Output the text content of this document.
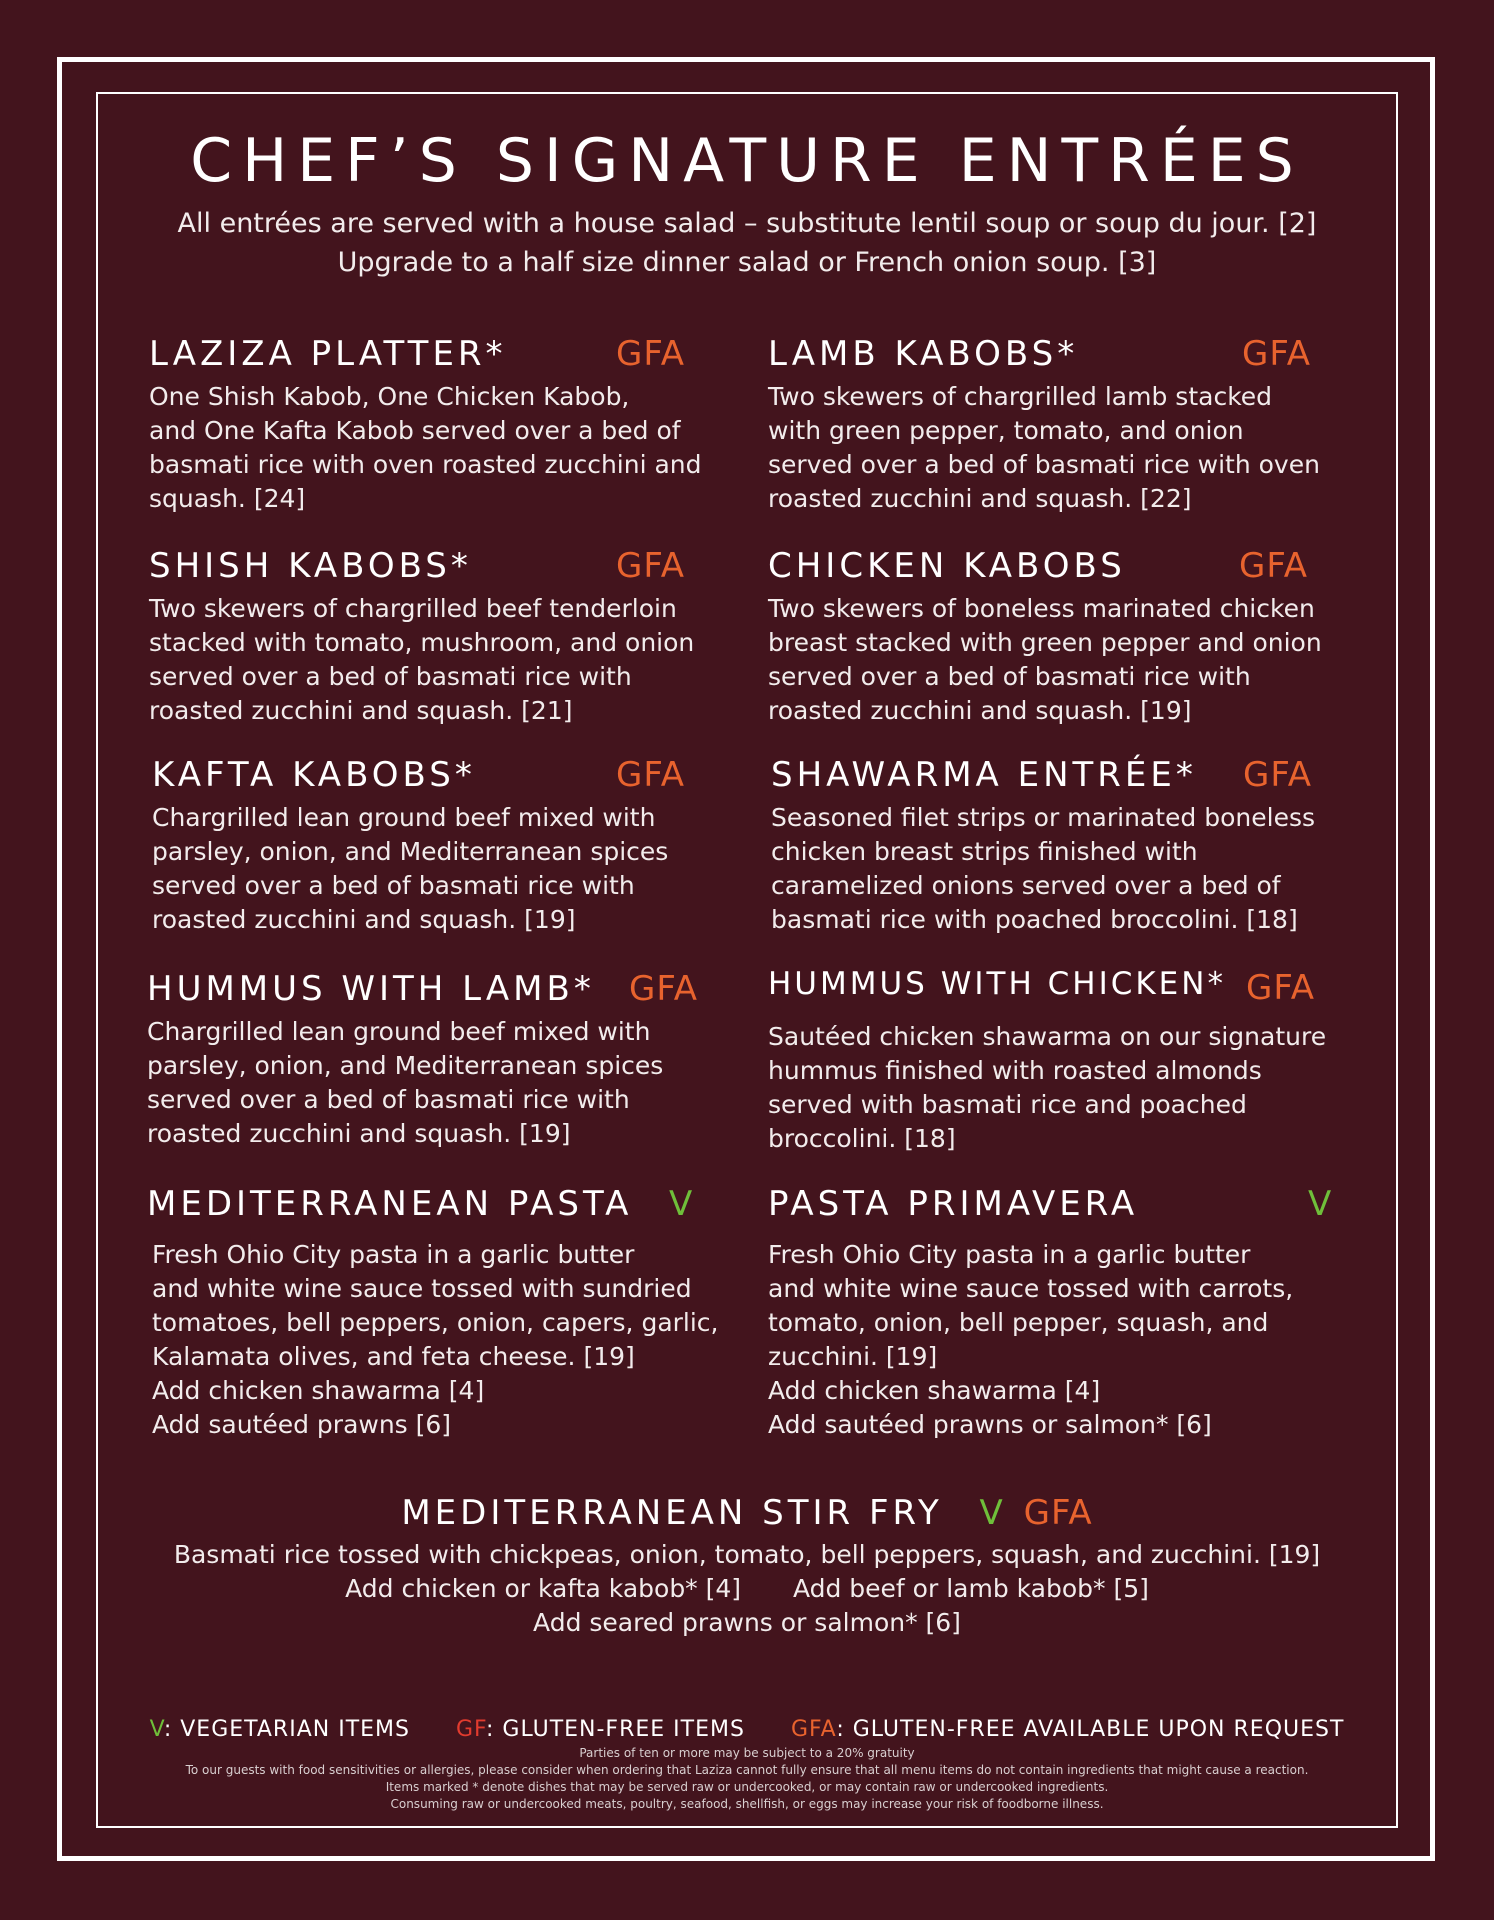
CHEF’S SIGNATURE ENTRÉES
All entrées are served with a house salad – substitute lentil soup or soup du jour. [2]
Upgrade to a half size dinner salad or French onion soup. [3]
LAZIZA PLATTER*	GFA
One Shish Kabob, One Chicken Kabob,
and One Kafta Kabob served over a bed of
basmati rice with oven roasted zucchini and
squash. [24]
LAMB KABOBS*	GFA
Two skewers of chargrilled lamb stacked
with green pepper, tomato, and onion
served over a bed of basmati rice with oven
roasted zucchini and squash. [22]
SHISH KABOBS*	GFA
Two skewers of chargrilled beef tenderloin
stacked with tomato, mushroom, and onion
served over a bed of basmati rice with
roasted zucchini and squash. [21]
CHICKEN KABOBS	GFA
Two skewers of boneless marinated chicken
breast stacked with green pepper and onion
served over a bed of basmati rice with
roasted zucchini and squash. [19]
KAFTA KABOBS*	GFA
Chargrilled lean ground beef mixed with
parsley, onion, and Mediterranean spices
served over a bed of basmati rice with
roasted zucchini and squash. [19]
SHAWARMA ENTRÉE* GFA
Seasoned filet strips or marinated boneless
chicken breast strips finished with
caramelized onions served over a bed of
basmati rice with poached broccolini. [18]
HUMMUS WITH LAMB* GFA
Chargrilled lean ground beef mixed with
parsley, onion, and Mediterranean spices
served over a bed of basmati rice with
roasted zucchini and squash. [19]
HUMMUS WITH CHICKEN* GFA
Sautéed chicken shawarma on our signature
hummus finished with roasted almonds
served with basmati rice and poached
broccolini. [18]
MEDITERRANEAN PASTA V
Fresh Ohio City pasta in a garlic butter
and white wine sauce tossed with sundried
tomatoes, bell peppers, onion, capers, garlic,
Kalamata olives, and feta cheese. [19]
Add chicken shawarma [4]
Add sautéed prawns [6]
PASTA PRIMAVERA	V
Fresh Ohio City pasta in a garlic butter
and white wine sauce tossed with carrots,
tomato, onion, bell pepper, squash, and
zucchini. [19]
Add chicken shawarma [4]
Add sautéed prawns or salmon* [6]
MEDITERRANEAN STIR FRY V GFA
Basmati rice tossed with chickpeas, onion, tomato, bell peppers, squash, and zucchini. [19]
Add chicken or kafta kabob* [4] Add beef or lamb kabob* [5]
Add seared prawns or salmon* [6]
V: VEGETARIAN ITEMS GF: GLUTEN-FREE ITEMS GFA: GLUTEN-FREE AVAILABLE UPON REQUEST
Parties of ten or more may be subject to a 20% gratuity
To our guests with food sensitivities or allergies, please consider when ordering that Laziza cannot fully ensure that all menu items do not contain ingredients that might cause a reaction.
Items marked * denote dishes that may be served raw or undercooked, or may contain raw or undercooked ingredients.
Consuming raw or undercooked meats, poultry, seafood, shellfish, or eggs may increase your risk of foodborne illness.
